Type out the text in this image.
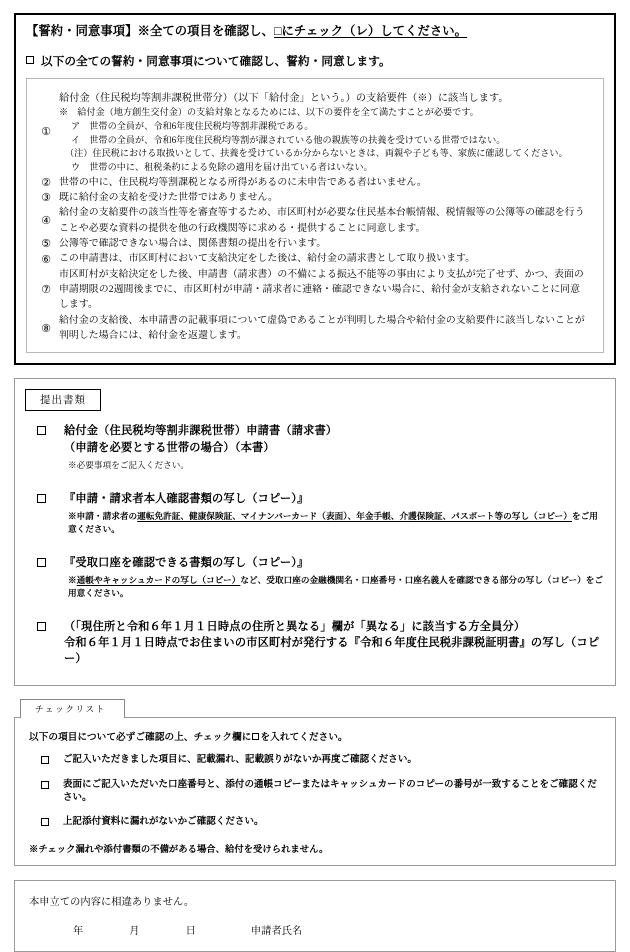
【誓約・同意事項】※全ての項目を確認し、□にチェック（レ）してください。
以下の全ての誓約・同意事項について確認し、誓約・同意します。
①	
給付金（住民税均等割非課税世帯分）（以下「給付金」という。）の支給要件（※）に該当します。
※　給付金（地方創生交付金）の支給対象となるためには、以下の要件を全て満たすことが必要です。
ア　世帯の全員が、令和6年度住民税均等割非課税である。
イ　世帯の全員が、令和6年度住民税均等割が課されている他の親族等の扶養を受けている世帯ではない。
（注）住民税における取扱いとして、扶養を受けているか分からないときは、両親や子ども等、家族に確認してください。
ウ　世帯の中に、租税条約による免除の適用を届け出ている者はいない。

②	世帯の中に、住民税均等割課税となる所得があるのに未申告である者はいません。

③	既に給付金の支給を受けた世帯ではありません。

④	給付金の支給要件の該当性等を審査等するため、市区町村が必要な住民基本台帳情報、税情報等の公簿等の確認を行う
ことや必要な資料の提供を他の行政機関等に求める・提供することに同意します。

⑤	公簿等で確認できない場合は、関係書類の提出を行います。

⑥	この申請書は、市区町村において支給決定をした後は、給付金の請求書として取り扱います。

⑦	市区町村が支給決定をした後、申請書（請求書）の不備による振込不能等の事由により支払が完了せず、かつ、表面の
申請期限の2週間後までに、市区町村が申請・請求者に連絡・確認できない場合に、給付金が支給されないことに同意
します。

⑧	給付金の支給後、本申請書の記載事項について虚偽であることが判明した場合や給付金の支給要件に該当しないことが
判明した場合には、給付金を返還します。
提出書類
給付金（住民税均等割非課税世帯）申請書（請求書）
（申請を必要とする世帯の場合）（本書）
※必要事項をご記入ください。
『申請・請求者本人確認書類の写し（コピー）』
※申請・請求者の運転免許証、健康保険証、マイナンバーカード（表面）、年金手帳、介護保険証、パスポート等の写し（コピー）をご用意ください。
『受取口座を確認できる書類の写し（コピー）』
※通帳やキャッシュカードの写し（コピー）など、受取口座の金融機関名・口座番号・口座名義人を確認できる部分の写し（コピー）をご用意ください。
（「現住所と令和６年１月１日時点の住所と異なる」欄が「異なる」に該当する方全員分）
令和６年１月１日時点でお住まいの市区町村が発行する『令和６年度住民税非課税証明書』の写し（コピー）
チェックリスト
以下の項目について必ずご確認の上、チェック欄に を入れてください。
ご記入いただきました項目に、記載漏れ、記載誤りがないか再度ご確認ください。
表面にご記入いただいた口座番号と、添付の通帳コピーまたはキャッシュカードのコピーの番号が一致することをご確認ください。
上記添付資料に漏れがないかご確認ください。
※チェック漏れや添付書類の不備がある場合、給付を受けられません。
本申立ての内容に相違ありません。
年	月	日	申請者氏名
